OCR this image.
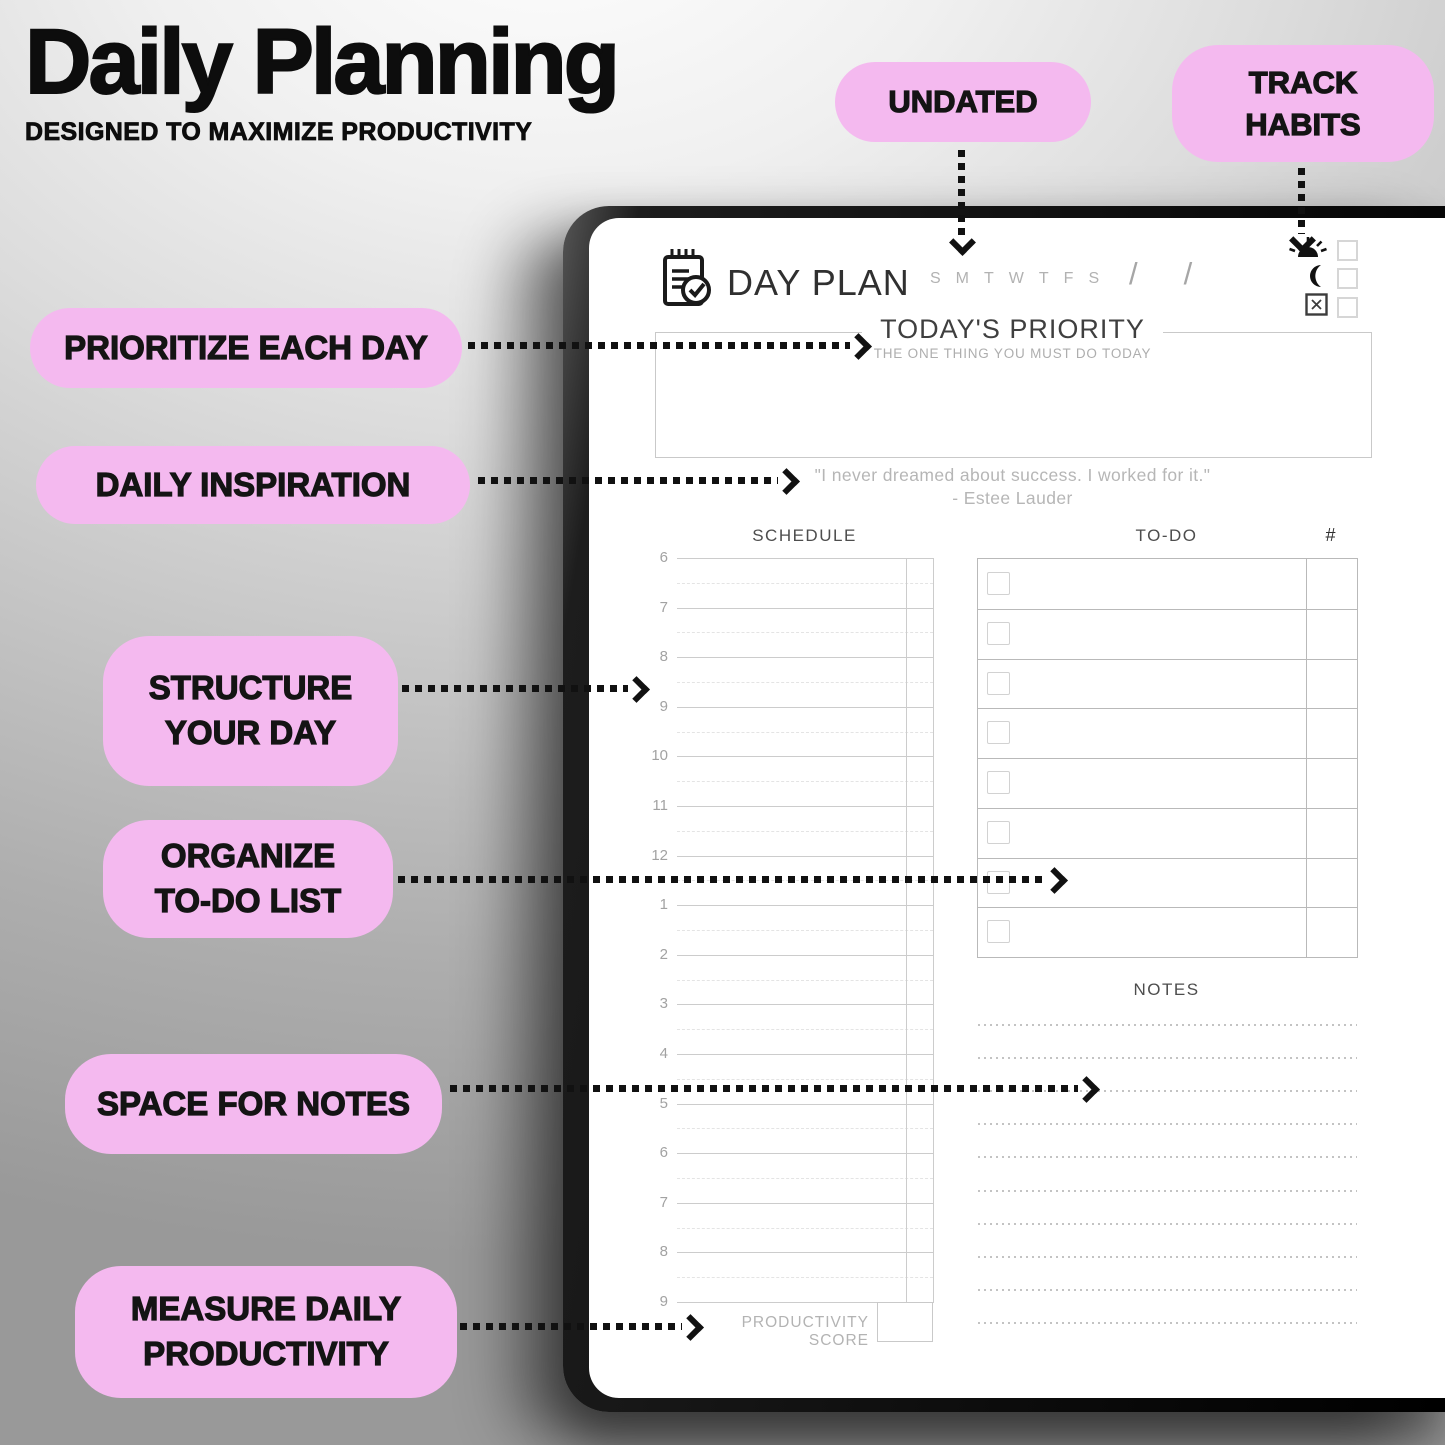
Daily Planning
DESIGNED TO MAXIMIZE PRODUCTIVITY
UNDATED
TRACK HABITS
PRIORITIZE EACH DAY
DAILY INSPIRATION
STRUCTURE YOUR DAY
ORGANIZE TO-DO LIST
SPACE FOR NOTES
MEASURE DAILY PRODUCTIVITY
DAY PLAN S M T W T F S / /
TODAY'S PRIORITY
THE ONE THING YOU MUST DO TODAY
"I never dreamed about success. I worked for it."
- Estee Lauder
SCHEDULE	TO-DO	#
6
7
8
9
10
11
12
1
2
3
4
5
6
7
8
9
NOTES
PRODUCTIVITY SCORE
